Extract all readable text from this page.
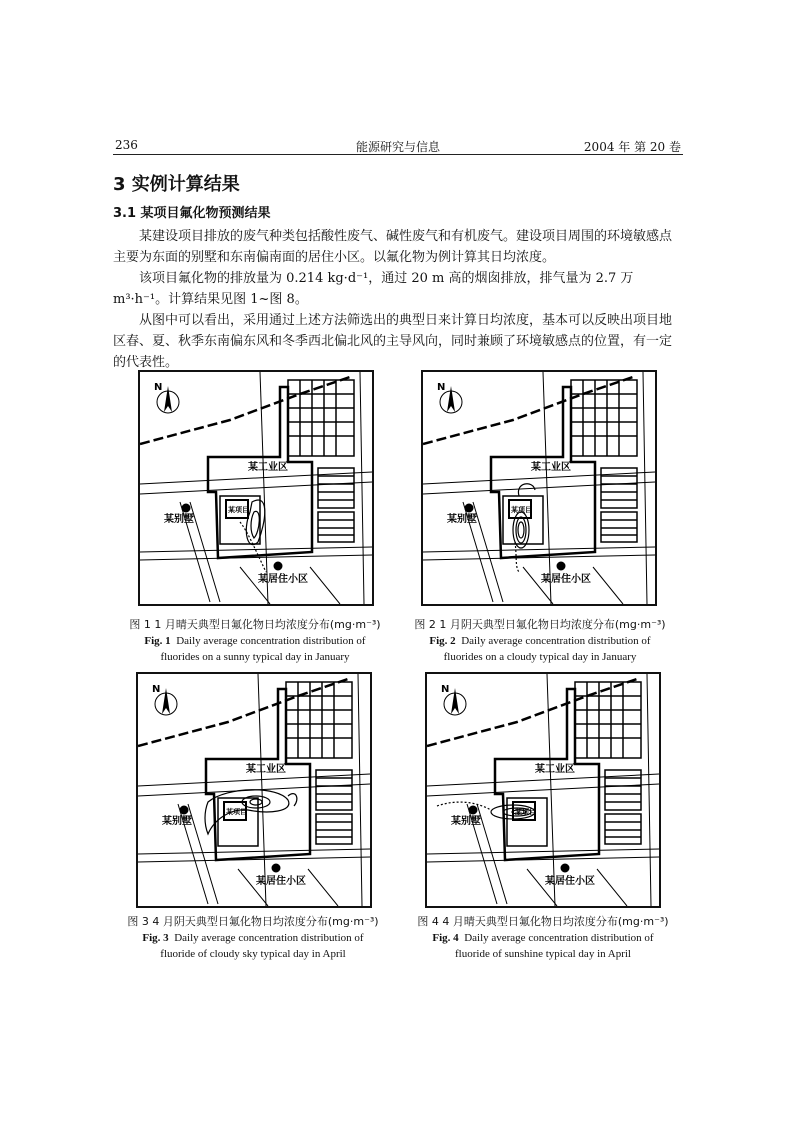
236	能源研究与信息	2004 年 第 20 卷
3 实例计算结果
3.1 某项目氟化物预测结果
某建设项目排放的废气种类包括酸性废气、碱性废气和有机废气。建设项目周围的环境敏感点主要为东面的别墅和东南偏南面的居住小区。以氟化物为例计算其日均浓度。
该项目氟化物的排放量为 0.214 kg·d⁻¹，通过 20 m 高的烟囱排放，排气量为 2.7 万 m³·h⁻¹。计算结果见图 1~图 8。
从图中可以看出，采用通过上述方法筛选出的典型日来计算日均浓度，基本可以反映出项目地区春、夏、秋季东南偏东风和冬季西北偏北风的主导风向，同时兼顾了环境敏感点的位置，有一定的代表性。
N
某工业区
某别墅
某居住小区
某项目
图 1 1 月晴天典型日氟化物日均浓度分布(mg·m⁻³)
Fig. 1 Daily average concentration distribution of
fluorides on a sunny typical day in January
N
某工业区
某别墅
某居住小区
某项目
图 2 1 月阴天典型日氟化物日均浓度分布(mg·m⁻³)
Fig. 2 Daily average concentration distribution of
fluorides on a cloudy typical day in January
N
某工业区
某别墅
某居住小区
某项目
图 3 4 月阴天典型日氟化物日均浓度分布(mg·m⁻³)
Fig. 3 Daily average concentration distribution of
fluoride of cloudy sky typical day in April
N
某工业区
某别墅
某居住小区
某项目
图 4 4 月晴天典型日氟化物日均浓度分布(mg·m⁻³)
Fig. 4 Daily average concentration distribution of
fluoride of sunshine typical day in April
